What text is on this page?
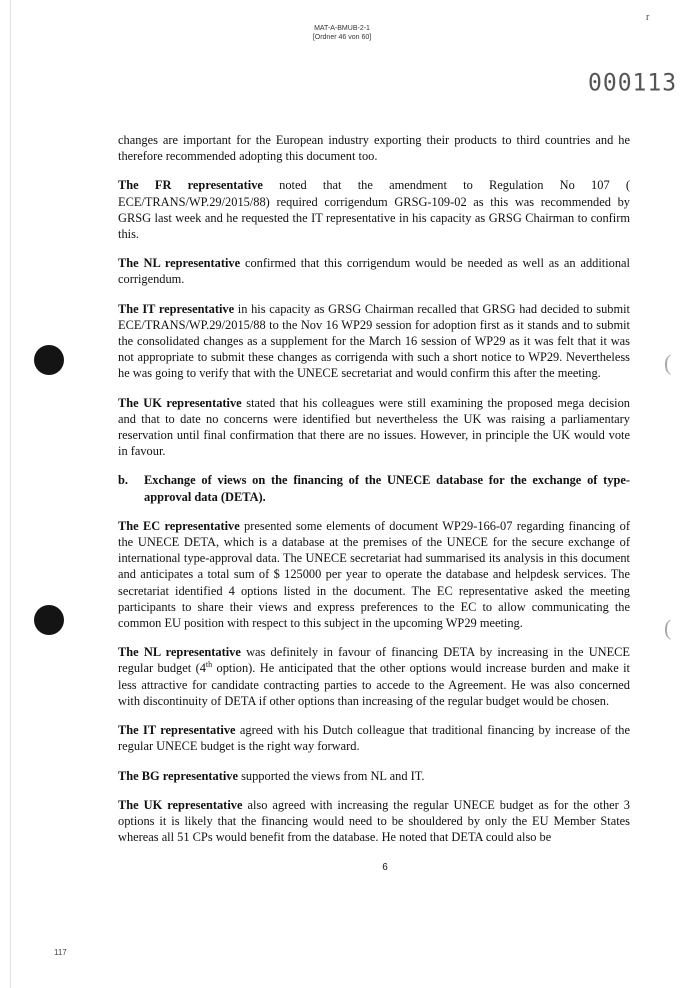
MAT-A-BMUB-2-1
[Ordner 46 von 60]
r
000113
(
(

changes are important for the European industry exporting their products to third countries and he therefore recommended adopting this document too.

The FR representative noted that the amendment to Regulation No 107 ( ECE/TRANS/WP.29/2015/88) required corrigendum GRSG-109-02 as this was recommended by GRSG last week and he requested the IT representative in his capacity as GRSG Chairman to confirm this.

The NL representative confirmed that this corrigendum would be needed as well as an additional corrigendum.

The IT representative in his capacity as GRSG Chairman recalled that GRSG had decided to submit ECE/TRANS/WP.29/2015/88 to the Nov 16 WP29 session for adoption first as it stands and to submit the consolidated changes as a supplement for the March 16 session of WP29 as it was felt that it was not appropriate to submit these changes as corrigenda with such a short notice to WP29. Nevertheless he was going to verify that with the UNECE secretariat and would confirm this after the meeting.

The UK representative stated that his colleagues were still examining the proposed mega decision and that to date no concerns were identified but nevertheless the UK was raising a parliamentary reservation until final confirmation that there are no issues. However, in principle the UK would vote in favour.

b.	Exchange of views on the financing of the UNECE database for the exchange of type-approval data (DETA).

The EC representative presented some elements of document WP29-166-07 regarding financing of the UNECE DETA, which is a database at the premises of the UNECE for the secure exchange of international type-approval data. The UNECE secretariat had summarised its analysis in this document and anticipates a total sum of $ 125000 per year to operate the database and helpdesk services. The secretariat identified 4 options listed in the document. The EC representative asked the meeting participants to share their views and express preferences to the EC to allow communicating the common EU position with respect to this subject in the upcoming WP29 meeting.

The NL representative was definitely in favour of financing DETA by increasing in the UNECE regular budget (4th option). He anticipated that the other options would increase burden and make it less attractive for candidate contracting parties to accede to the Agreement. He was also concerned with discontinuity of DETA if other options than increasing of the regular budget would be chosen.

The IT representative agreed with his Dutch colleague that traditional financing by increase of the regular UNECE budget is the right way forward.

The BG representative supported the views from NL and IT.

The UK representative also agreed with increasing the regular UNECE budget as for the other 3 options it is likely that the financing would need to be shouldered by only the EU Member States whereas all 51 CPs would benefit from the database. He noted that DETA could also be

6
117
